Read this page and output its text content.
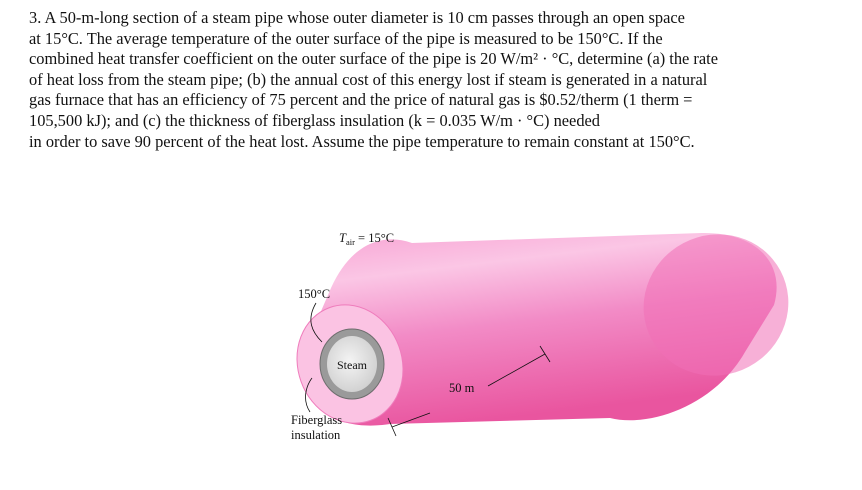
3. A 50-m-long section of a steam pipe whose outer diameter is 10 cm passes through an open space
at 15°C. The average temperature of the outer surface of the pipe is measured to be 150°C. If the
combined heat transfer coefficient on the outer surface of the pipe is 20 W/m² · °C, determine (a) the rate
of heat loss from the steam pipe; (b) the annual cost of this energy lost if steam is generated in a natural
gas furnace that has an efficiency of 75 percent and the price of natural gas is $0.52/therm (1 therm =
105,500 kJ); and (c) the thickness of fiberglass insulation (k = 0.035 W/m · °C) needed
in order to save 90 percent of the heat lost. Assume the pipe temperature to remain constant at 150°C.
$T_{air} = 15^\circ C$
150°C
Steam
50 m
Fiberglass
insulation
